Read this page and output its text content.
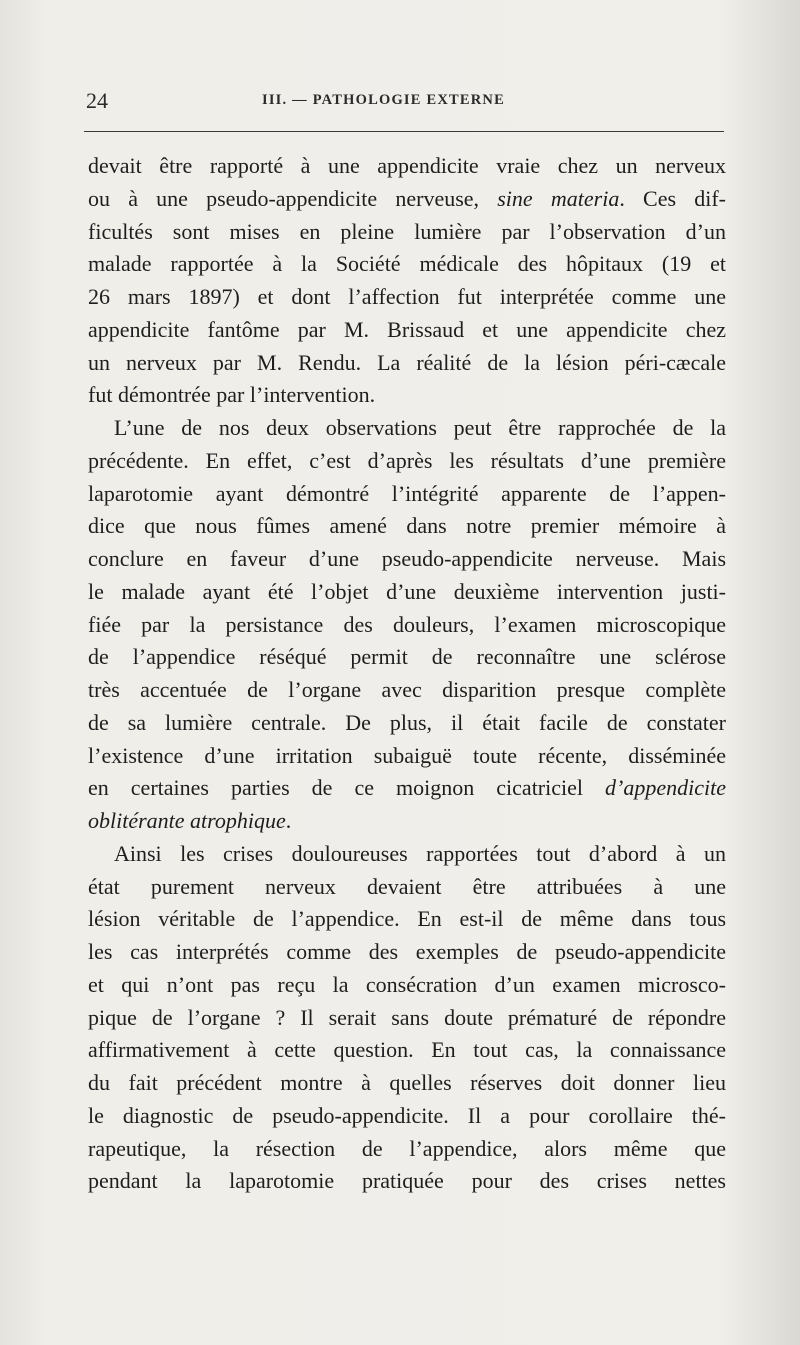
24	III. — PATHOLOGIE EXTERNE
devait être rapporté à une appendicite vraie chez un nerveux
ou à une pseudo-appendicite nerveuse, sine materia. Ces dif-
ficultés sont mises en pleine lumière par l’observation d’un
malade rapportée à la Société médicale des hôpitaux (19 et
26 mars 1897) et dont l’affection fut interprétée comme une
appendicite fantôme par M. Brissaud et une appendicite chez
un nerveux par M. Rendu. La réalité de la lésion péri-cæcale
fut démontrée par l’intervention.
L’une de nos deux observations peut être rapprochée de la
précédente. En effet, c’est d’après les résultats d’une première
laparotomie ayant démontré l’intégrité apparente de l’appen-
dice que nous fûmes amené dans notre premier mémoire à
conclure en faveur d’une pseudo-appendicite nerveuse. Mais
le malade ayant été l’objet d’une deuxième intervention justi-
fiée par la persistance des douleurs, l’examen microscopique
de l’appendice réséqué permit de reconnaître une sclérose
très accentuée de l’organe avec disparition presque complète
de sa lumière centrale. De plus, il était facile de constater
l’existence d’une irritation subaiguë toute récente, disséminée
en certaines parties de ce moignon cicatriciel d’appendicite
oblitérante atrophique.
Ainsi les crises douloureuses rapportées tout d’abord à un
état purement nerveux devaient être attribuées à une
lésion véritable de l’appendice. En est-il de même dans tous
les cas interprétés comme des exemples de pseudo-appendicite
et qui n’ont pas reçu la consécration d’un examen microsco-
pique de l’organe ? Il serait sans doute prématuré de répondre
affirmativement à cette question. En tout cas, la connaissance
du fait précédent montre à quelles réserves doit donner lieu
le diagnostic de pseudo-appendicite. Il a pour corollaire thé-
rapeutique, la résection de l’appendice, alors même que
pendant la laparotomie pratiquée pour des crises nettes
